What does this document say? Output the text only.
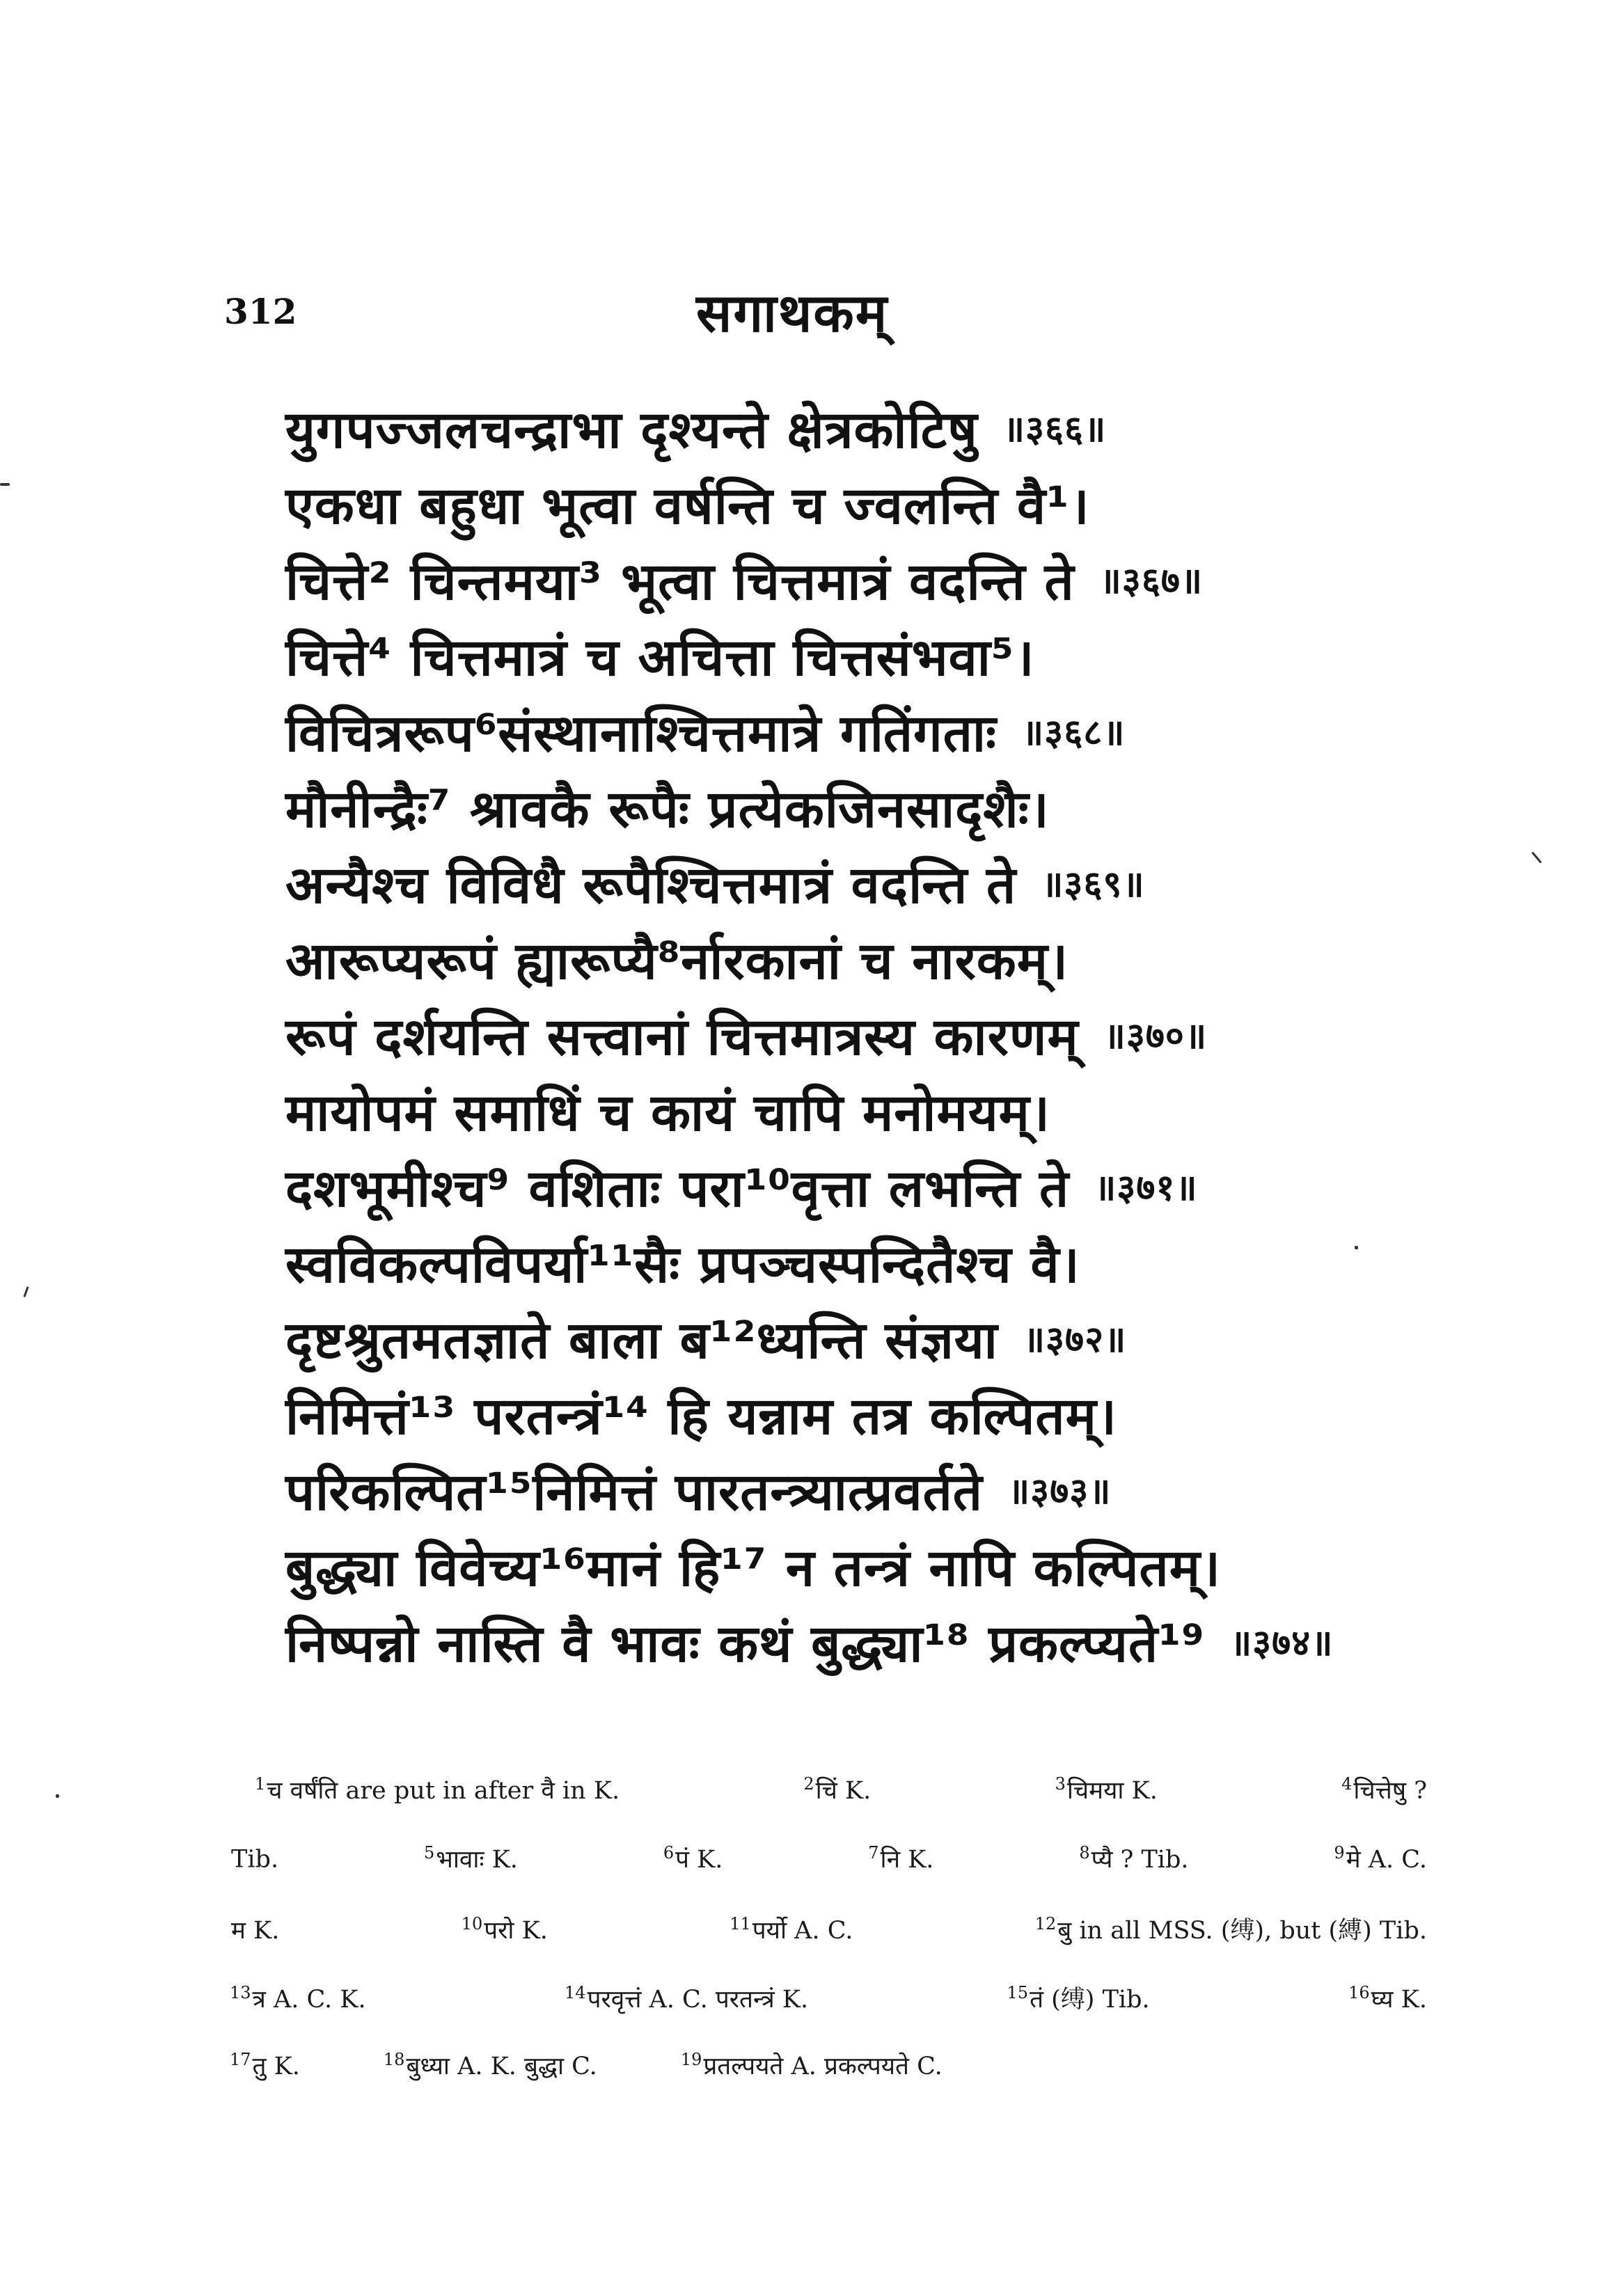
312	सगाथकम्
युगपज्जलचन्द्राभा दृश्यन्ते क्षेत्रकोटिषु ॥३६६॥
एकधा बहुधा भूत्वा वर्षन्ति च ज्वलन्ति वै¹।
चित्ते² चिन्तमया³ भूत्वा चित्तमात्रं वदन्ति ते ॥३६७॥
चित्ते⁴ चित्तमात्रं च अचित्ता चित्तसंभवा⁵।
विचित्ररूप⁶संस्थानाश्चित्तमात्रे गतिंगताः ॥३६८॥
मौनीन्द्रैः⁷ श्रावकै रूपैः प्रत्येकजिनसादृशैः।
अन्यैश्च विविधै रूपैश्चित्तमात्रं वदन्ति ते ॥३६९॥
आरूप्यरूपं ह्यारूप्यै⁸र्नारकानां च नारकम्।
रूपं दर्शयन्ति सत्त्वानां चित्तमात्रस्य कारणम् ॥३७०॥
मायोपमं समाधिं च कायं चापि मनोमयम्।
दशभूमीश्च⁹ वशिताः परा¹⁰वृत्ता लभन्ति ते ॥३७१॥
स्वविकल्पविपर्या¹¹सैः प्रपञ्चस्पन्दितैश्च वै।
दृष्टश्रुतमतज्ञाते बाला ब¹²ध्यन्ति संज्ञया ॥३७२॥
निमित्तं¹³ परतन्त्रं¹⁴ हि यन्नाम तत्र कल्पितम्।
परिकल्पित¹⁵निमित्तं पारतन्त्र्यात्प्रवर्तते ॥३७३॥
बुद्ध्या विवेच्य¹⁶मानं हि¹⁷ न तन्त्रं नापि कल्पितम्।
निष्पन्नो नास्ति वै भावः कथं बुद्ध्या¹⁸ प्रकल्प्यते¹⁹ ॥३७४॥
$^1$च वर्षंति are put in after वै in K.	$^2$चिं K.	$^3$चिमया K.	$^4$चित्तेषु ?
Tib.	$^5$भावाः K.	$^6$पं K.	$^7$नि K.	$^8$प्यै ? Tib.	$^9$मे A. C.
म K.	$^{10}$परो K.	$^{11}$पर्यो A. C.	$^{12}$बु in all MSS. (缚), but (縛) Tib.
$^{13}$त्र A. C. K.	$^{14}$परवृत्तं A. C. परतन्त्रं K.	$^{15}$तं (缚) Tib.	$^{16}$घ्य K.
$^{17}$तु K.	$^{18}$बुध्या A. K. बुद्धा C.	$^{19}$प्रतल्पयते A. प्रकल्पयते C.
